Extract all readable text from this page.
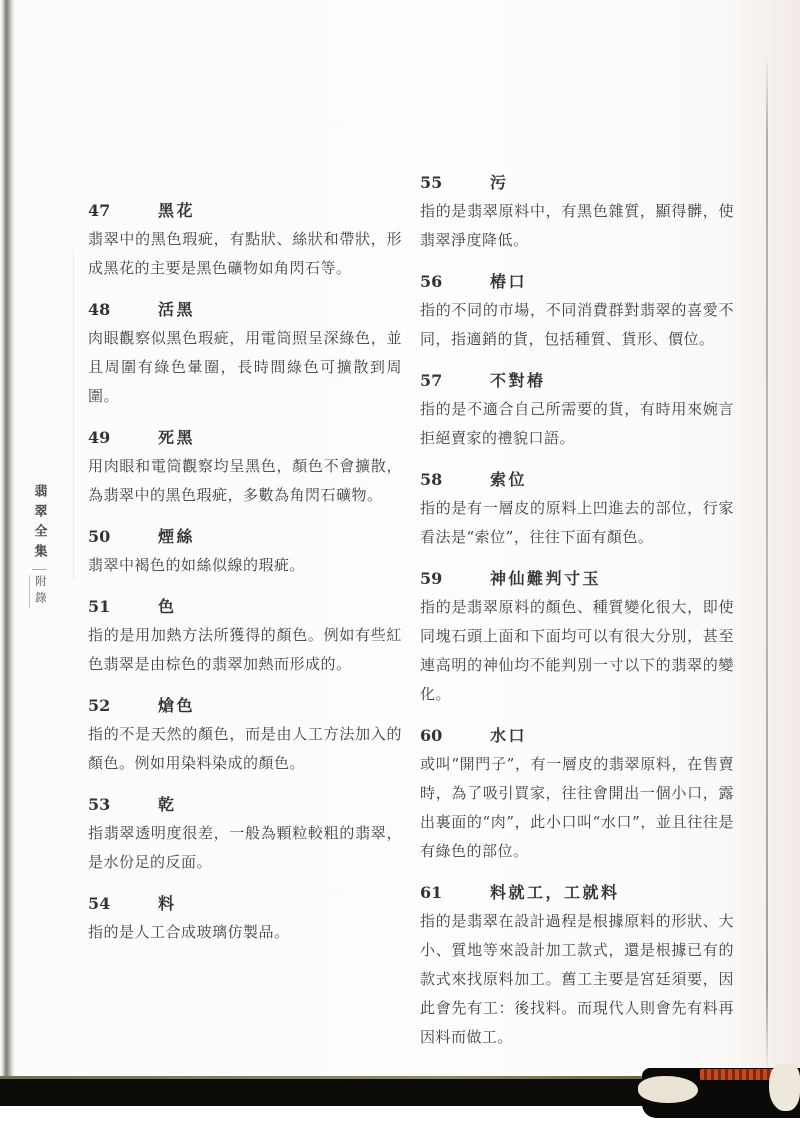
翡翠全集
附錄
47	黑花

翡翠中的黑色瑕疵，有點狀、絲狀和帶狀，形成黑花的主要是黑色礦物如角閃石等。

48	活黑

肉眼觀察似黑色瑕疵，用電筒照呈深綠色，並且周圍有綠色暈圈，長時間綠色可擴散到周圍。

49	死黑

用肉眼和電筒觀察均呈黑色，顏色不會擴散，為翡翠中的黑色瑕疵，多數為角閃石礦物。

50	煙絲

翡翠中褐色的如絲似線的瑕疵。

51	色

指的是用加熱方法所獲得的顏色。例如有些紅色翡翠是由棕色的翡翠加熱而形成的。

52	熗色

指的不是天然的顏色，而是由人工方法加入的顏色。例如用染料染成的顏色。

53	乾

指翡翠透明度很差，一般為顆粒較粗的翡翠，是水份足的反面。

54	料

指的是人工合成玻璃仿製品。

55	污

指的是翡翠原料中，有黑色雜質，顯得髒，使翡翠淨度降低。

56	椿口

指的不同的市場，不同消費群對翡翠的喜愛不同，指適銷的貨，包括種質、貨形、價位。

57	不對椿

指的是不適合自己所需要的貨，有時用來婉言拒絕賣家的禮貌口語。

58	索位

指的是有一層皮的原料上凹進去的部位，行家看法是“索位”，往往下面有顏色。

59	神仙難判寸玉

指的是翡翠原料的顏色、種質變化很大，即使同塊石頭上面和下面均可以有很大分別，甚至連高明的神仙均不能判別一寸以下的翡翠的變化。

60	水口

或叫“開門子”，有一層皮的翡翠原料，在售賣時，為了吸引買家，往往會開出一個小口，露出裏面的“肉”，此小口叫“水口”，並且往往是有綠色的部位。

61	料就工，工就料

指的是翡翠在設計過程是根據原料的形狀、大小、質地等來設計加工款式，還是根據已有的款式來找原料加工。舊工主要是宮廷須要，因此會先有工：後找料。而現代人則會先有料再因料而做工。
